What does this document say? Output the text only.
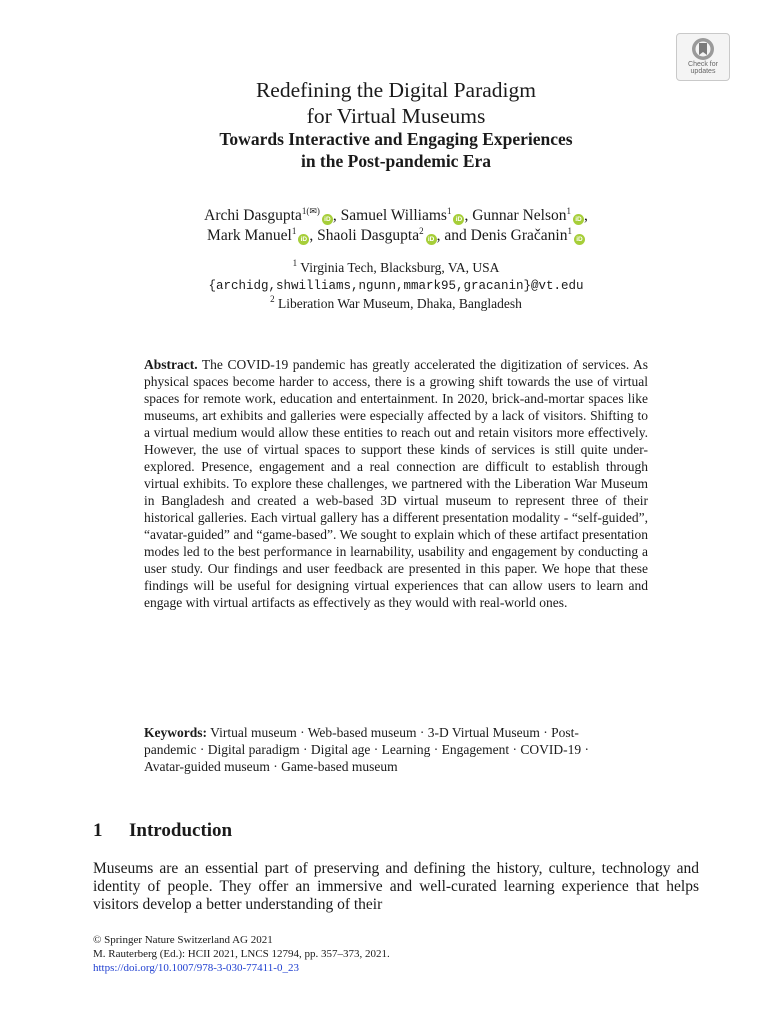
Check for
updates
Redefining the Digital Paradigm
for Virtual Museums
Towards Interactive and Engaging Experiences
in the Post-pandemic Era
Archi Dasgupta$^{1(✉)}$iD , Samuel Williams$^1$iD , Gunnar Nelson$^1$iD ,
Mark Manuel$^1$iD , Shaoli Dasgupta$^2$iD , and Denis Gračanin$^1$iD
$^1$ Virginia Tech, Blacksburg, VA, USA
{archidg,shwilliams,ngunn,mmark95,gracanin}@vt.edu
$^2$ Liberation War Museum, Dhaka, Bangladesh
Abstract. The COVID-19 pandemic has greatly accelerated the digitization of services. As physical spaces become harder to access, there is a growing shift towards the use of virtual spaces for remote work, education and entertainment. In 2020, brick-and-mortar spaces like museums, art exhibits and galleries were especially affected by a lack of visitors. Shifting to a virtual medium would allow these entities to reach out and retain visitors more effectively. However, the use of virtual spaces to support these kinds of services is still quite under-explored. Presence, engagement and a real connection are difficult to establish through virtual exhibits. To explore these challenges, we partnered with the Liberation War Museum in Bangladesh and created a web-based 3D virtual museum to represent three of their historical galleries. Each virtual gallery has a different presentation modality - “self-guided”, “avatar-guided” and “game-based”. We sought to explain which of these artifact presentation modes led to the best performance in learnability, usability and engagement by conducting a user study. Our findings and user feedback are presented in this paper. We hope that these findings will be useful for designing virtual experiences that can allow users to learn and engage with virtual artifacts as effectively as they would with real-world ones.
Keywords: Virtual museum · Web-based museum · 3-D Virtual Museum · Post-pandemic · Digital paradigm · Digital age · Learning · Engagement · COVID-19 · Avatar-guided museum · Game-based museum
1 Introduction
Museums are an essential part of preserving and defining the history, culture, technology and identity of people. They offer an immersive and well-curated learning experience that helps visitors develop a better understanding of their
© Springer Nature Switzerland AG 2021
M. Rauterberg (Ed.): HCII 2021, LNCS 12794, pp. 357–373, 2021.
https://doi.org/10.1007/978-3-030-77411-0_23
